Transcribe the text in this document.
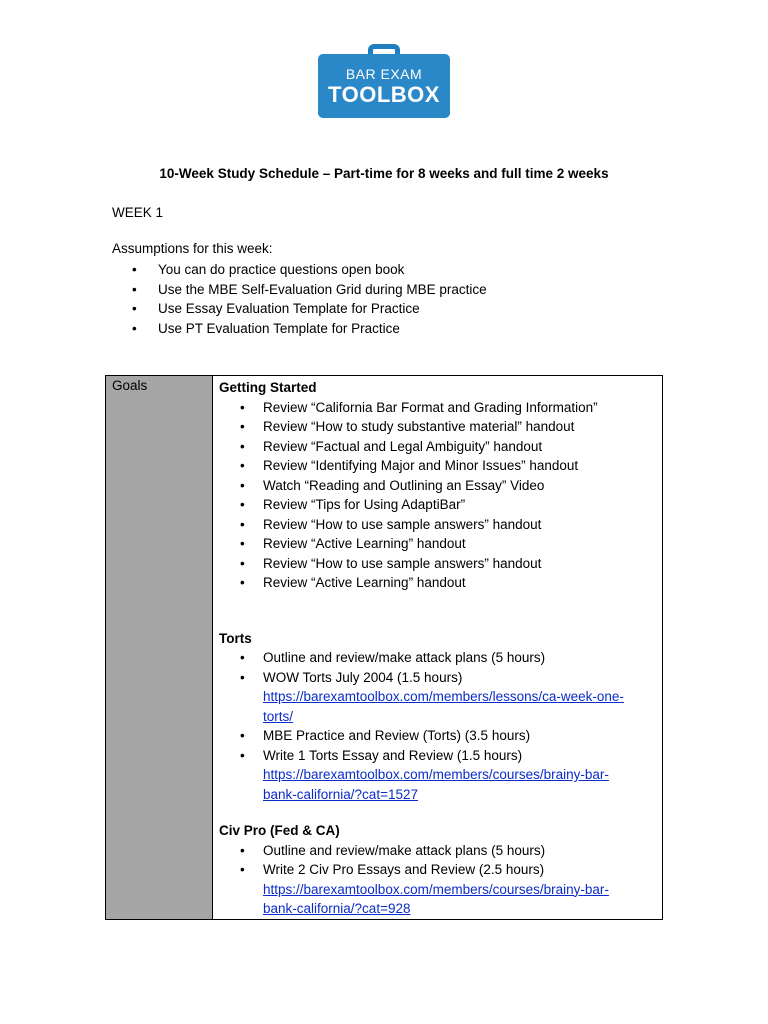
BAR EXAM
TOOLBOX
10-Week Study Schedule – Part-time for 8 weeks and full time 2 weeks
WEEK 1
Assumptions for this week:
• You can do practice questions open book
• Use the MBE Self-Evaluation Grid during MBE practice
• Use Essay Evaluation Template for Practice
• Use PT Evaluation Template for Practice
Goals	Getting Started
• Review “California Bar Format and Grading Information”
• Review “How to study substantive material” handout
• Review “Factual and Legal Ambiguity” handout
• Review “Identifying Major and Minor Issues” handout
• Watch “Reading and Outlining an Essay” Video
• Review “Tips for Using AdaptiBar”
• Review “How to use sample answers” handout
• Review “Active Learning” handout
• Review “How to use sample answers” handout
• Review “Active Learning” handout
Torts
• Outline and review/make attack plans (5 hours)
• WOW Torts July 2004 (1.5 hours)
https://barexamtoolbox.com/members/lessons/ca-week-one-
torts/
• MBE Practice and Review (Torts) (3.5 hours)
• Write 1 Torts Essay and Review (1.5 hours)
https://barexamtoolbox.com/members/courses/brainy-bar-
bank-california/?cat=1527
Civ Pro (Fed & CA)
• Outline and review/make attack plans (5 hours)
• Write 2 Civ Pro Essays and Review (2.5 hours)
https://barexamtoolbox.com/members/courses/brainy-bar-
bank-california/?cat=928
